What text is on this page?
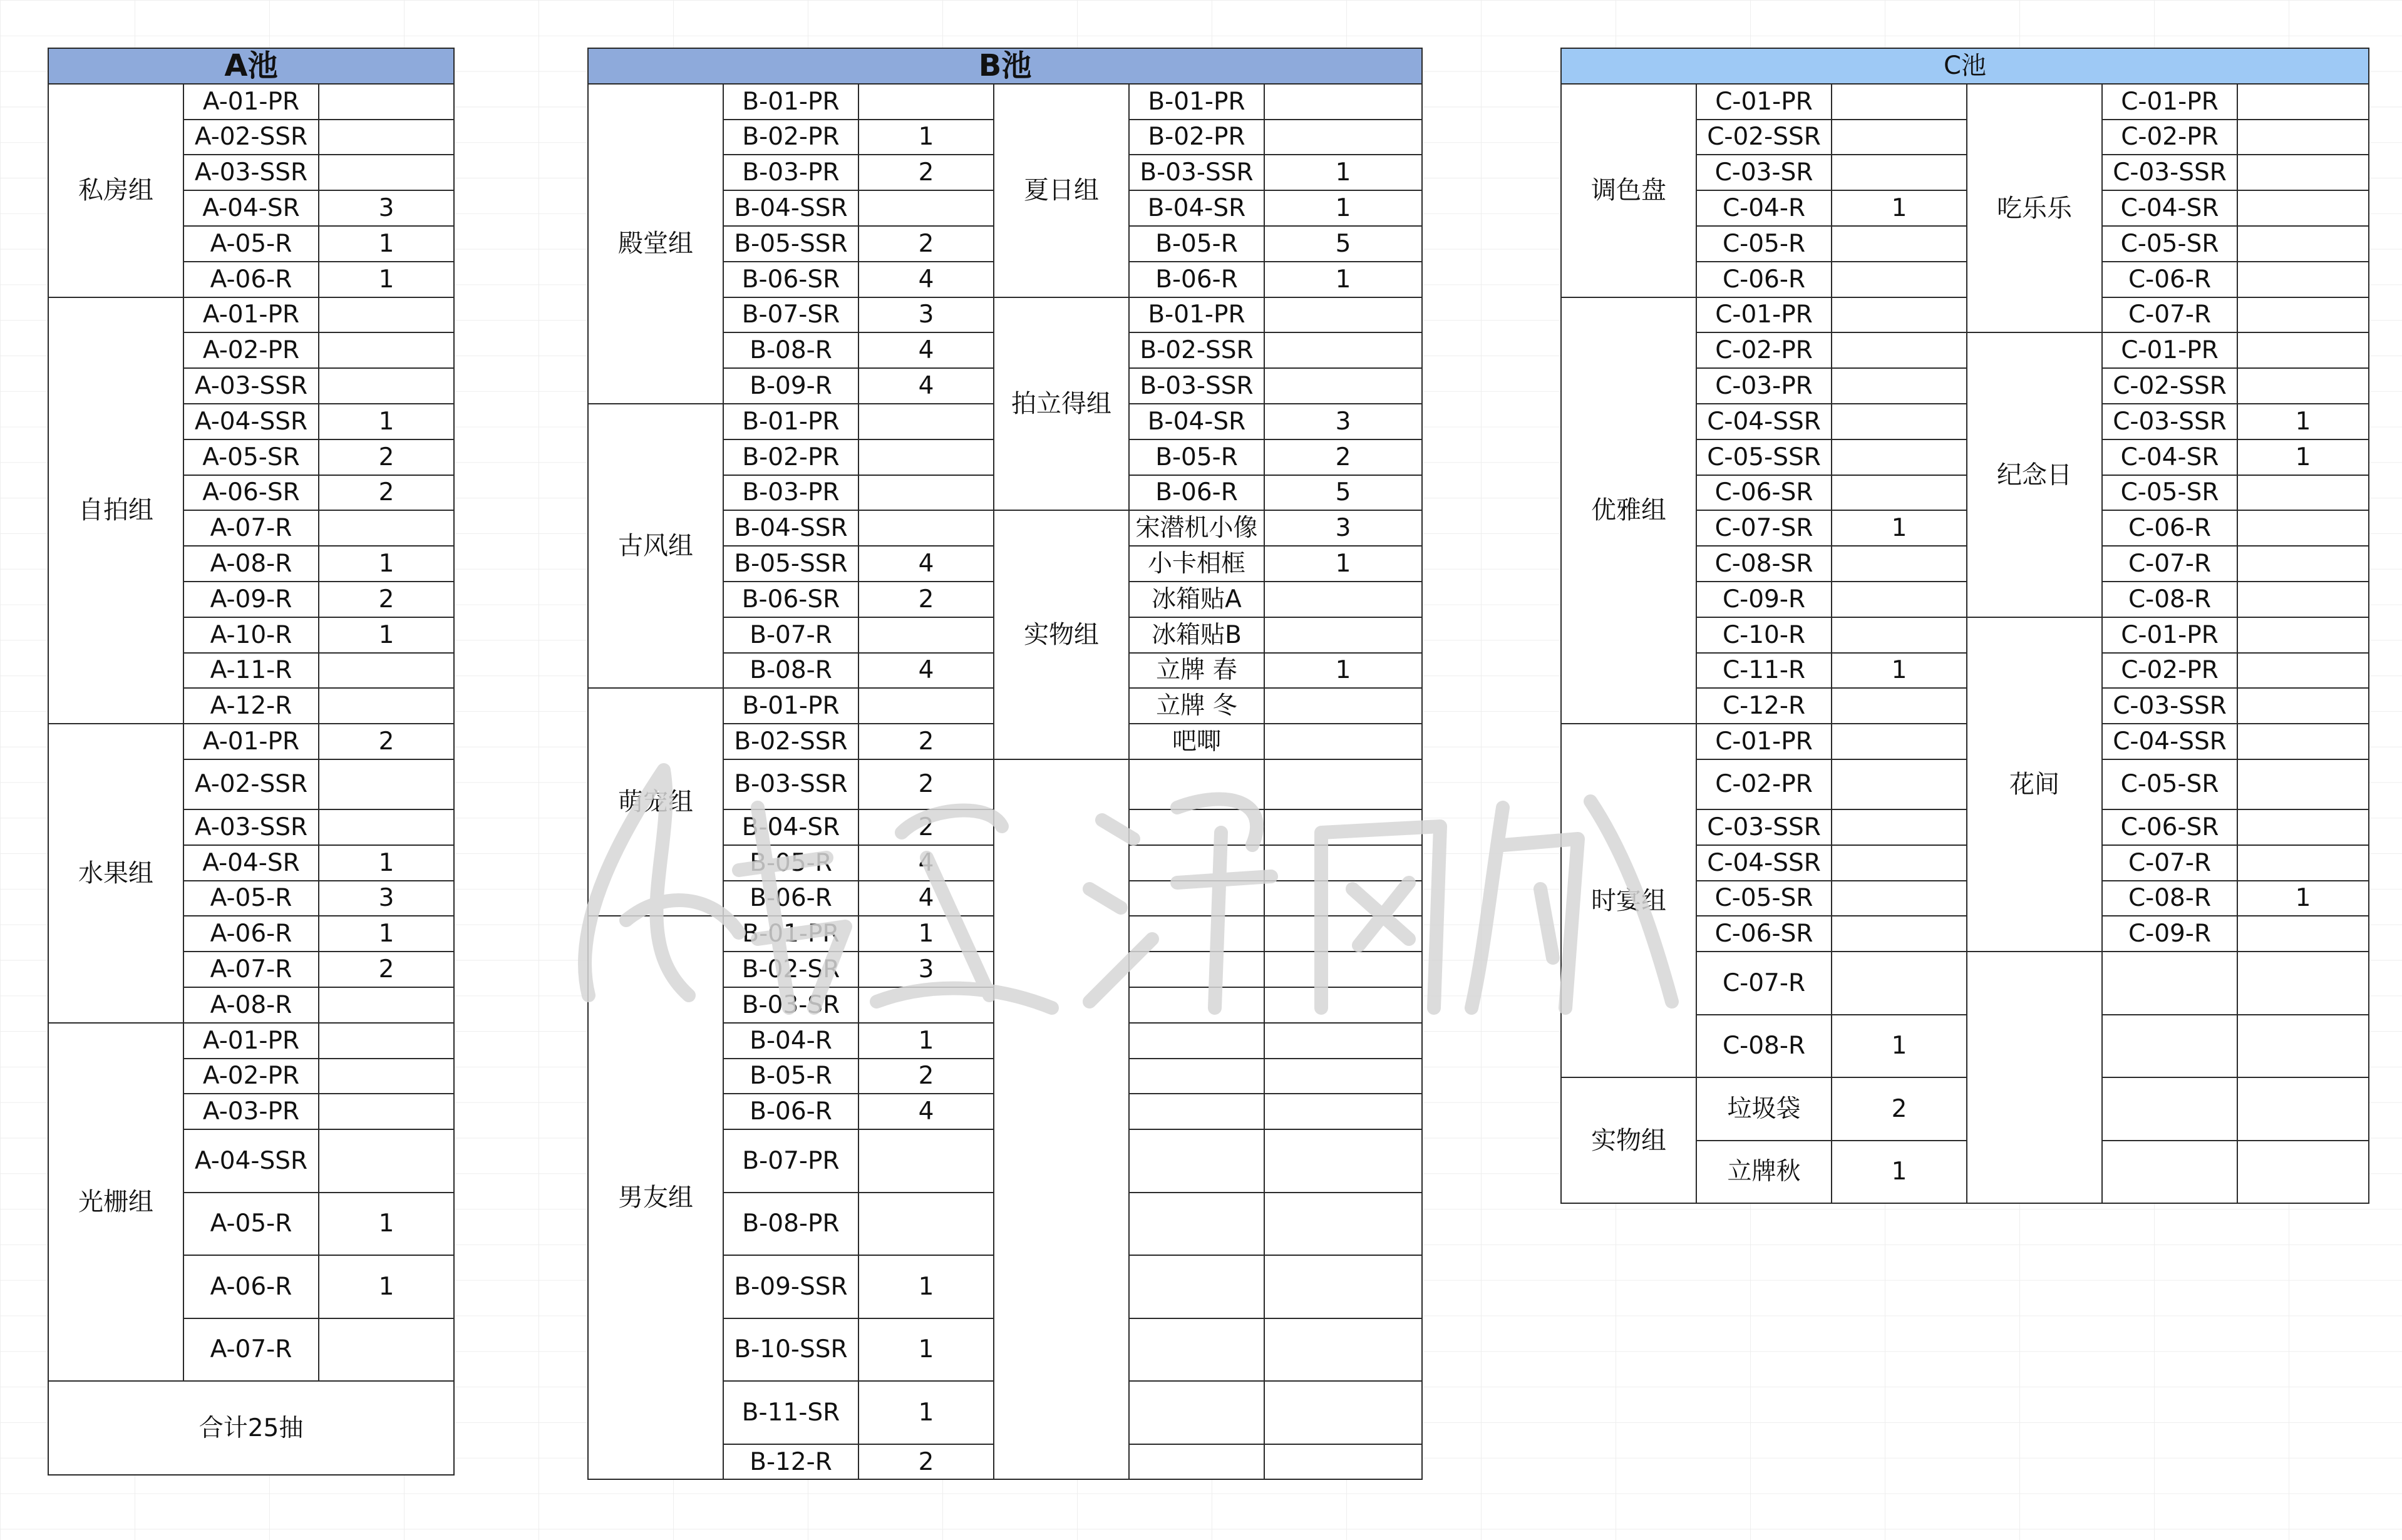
A池		
私房组	A-01-PR	
	A-02-SSR	
	A-03-SSR	
	A-04-SR	3
	A-05-R	1
	A-06-R	1
自拍组	A-01-PR	
	A-02-PR	
	A-03-SSR	
	A-04-SSR	1
	A-05-SR	2
	A-06-SR	2
	A-07-R	
	A-08-R	1
	A-09-R	2
	A-10-R	1
	A-11-R	
	A-12-R	
水果组	A-01-PR	2
	A-02-SSR	
	A-03-SSR	
	A-04-SR	1
	A-05-R	3
	A-06-R	1
	A-07-R	2
	A-08-R	
光栅组	A-01-PR	
	A-02-PR	
	A-03-PR	
	A-04-SSR	
	A-05-R	1
	A-06-R	1
	A-07-R	
合计25抽		
B池					
殿堂组	B-01-PR		夏日组	B-01-PR	
	B-02-PR	1		B-02-PR	
	B-03-PR	2		B-03-SSR	1
	B-04-SSR			B-04-SR	1
	B-05-SSR	2		B-05-R	5
	B-06-SR	4		B-06-R	1
	B-07-SR	3	拍立得组	B-01-PR	
	B-08-R	4		B-02-SSR	
	B-09-R	4		B-03-SSR	
古风组	B-01-PR			B-04-SR	3
	B-02-PR			B-05-R	2
	B-03-PR			B-06-R	5
	B-04-SSR		实物组	宋潜机小像	3
	B-05-SSR	4		小卡相框	1
	B-06-SR	2		冰箱贴A	
	B-07-R			冰箱贴B	
	B-08-R	4		立牌 春	1
萌宠组	B-01-PR			立牌 冬	
	B-02-SSR	2		吧唧	
	B-03-SSR	2			
	B-04-SR	2			
	B-05-R	4			
	B-06-R	4			
男友组	B-01-PR	1			
	B-02-SR	3			
	B-03-SR				
	B-04-R	1			
	B-05-R	2			
	B-06-R	4			
	B-07-PR				
	B-08-PR				
	B-09-SSR	1			
	B-10-SSR	1			
	B-11-SR	1			
	B-12-R	2			
C池					
调色盘	C-01-PR		吃乐乐	C-01-PR	
	C-02-SSR			C-02-PR	
	C-03-SR			C-03-SSR	
	C-04-R	1		C-04-SR	
	C-05-R			C-05-SR	
	C-06-R			C-06-R	
优雅组	C-01-PR			C-07-R	
	C-02-PR		纪念日	C-01-PR	
	C-03-PR			C-02-SSR	
	C-04-SSR			C-03-SSR	1
	C-05-SSR			C-04-SR	1
	C-06-SR			C-05-SR	
	C-07-SR	1		C-06-R	
	C-08-SR			C-07-R	
	C-09-R			C-08-R	
	C-10-R		花间	C-01-PR	
	C-11-R	1		C-02-PR	
	C-12-R			C-03-SSR	
时宴组	C-01-PR			C-04-SSR	
	C-02-PR			C-05-SR	
	C-03-SSR			C-06-SR	
	C-04-SSR			C-07-R	
	C-05-SR			C-08-R	1
	C-06-SR			C-09-R	
	C-07-R				
	C-08-R	1			
实物组	垃圾袋	2			
	立牌秋	1			
